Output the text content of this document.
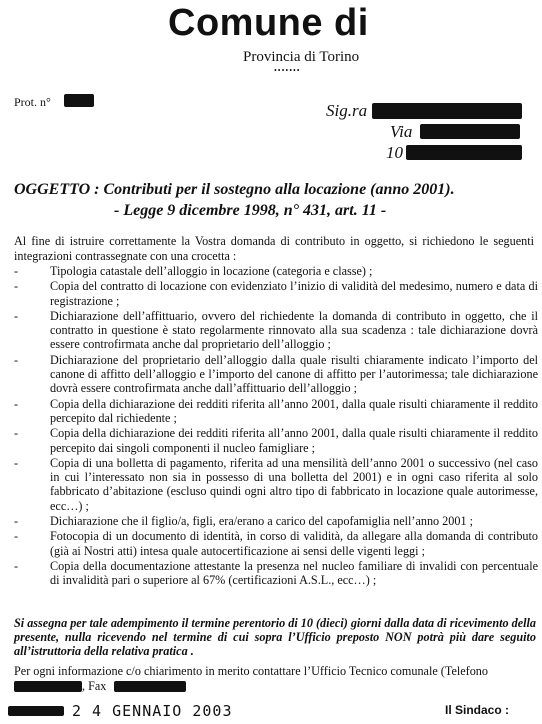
Comune di
Provincia di Torino
•••••••
Prot. n°	Sig.ra
Via
10
OGGETTO : Contributi per il sostegno alla locazione (anno 2001).
- Legge 9 dicembre 1998, n° 431, art. 11 -
Al fine di istruire correttamente la Vostra domanda di contributo in oggetto, si richiedono le seguenti integrazioni contrassegnate con una crocetta :
-	Tipologia catastale dell’alloggio in locazione (categoria e classe) ;
-	Copia del contratto di locazione con evidenziato l’inizio di validità del medesimo, numero e data di registrazione ;
-	Dichiarazione dell’affittuario, ovvero del richiedente la domanda di contributo in oggetto, che il contratto in questione è stato regolarmente rinnovato alla sua scadenza : tale dichiarazione dovrà essere controfirmata anche dal proprietario dell’alloggio ;
-	Dichiarazione del proprietario dell’alloggio dalla quale risulti chiaramente indicato l’importo del canone di affitto dell’alloggio e l’importo del canone di affitto per l’autorimessa; tale dichiarazione dovrà essere controfirmata anche dall’affittuario dell’alloggio ;
-	Copia della dichiarazione dei redditi riferita all’anno 2001, dalla quale risulti chiaramente il reddito percepito dal richiedente ;
-	Copia della dichiarazione dei redditi riferita all’anno 2001, dalla quale risulti chiaramente il reddito percepito dai singoli componenti il nucleo famigliare ;
-	Copia di una bolletta di pagamento, riferita ad una mensilità dell’anno 2001 o successivo (nel caso in cui l’interessato non sia in possesso di una bolletta del 2001) e in ogni caso riferita al solo fabbricato d’abitazione (escluso quindi ogni altro tipo di fabbricato in locazione quale autorimesse, ecc…) ;
-	Dichiarazione che il figlio/a, figli, era/erano a carico del capofamiglia nell’anno 2001 ;
-	Fotocopia di un documento di identità, in corso di validità, da allegare alla domanda di contributo (già ai Nostri atti) intesa quale autocertificazione ai sensi delle vigenti leggi ;
-	Copia della documentazione attestante la presenza nel nucleo familiare di invalidi con percentuale di invalidità pari o superiore al 67% (certificazioni A.S.L., ecc…) ;
Si assegna per tale adempimento il termine perentorio di 10 (dieci) giorni dalla data di ricevimento della presente, nulla ricevendo nel termine di cui sopra l’Ufficio preposto NON potrà più dare seguito all’istruttoria della relativa pratica .
Per ogni informazione c/o chiarimento in merito contattare l’Ufficio Tecnico comunale (Telefono
, Fax
2 4 GENNAIO 2003	Il Sindaco :
